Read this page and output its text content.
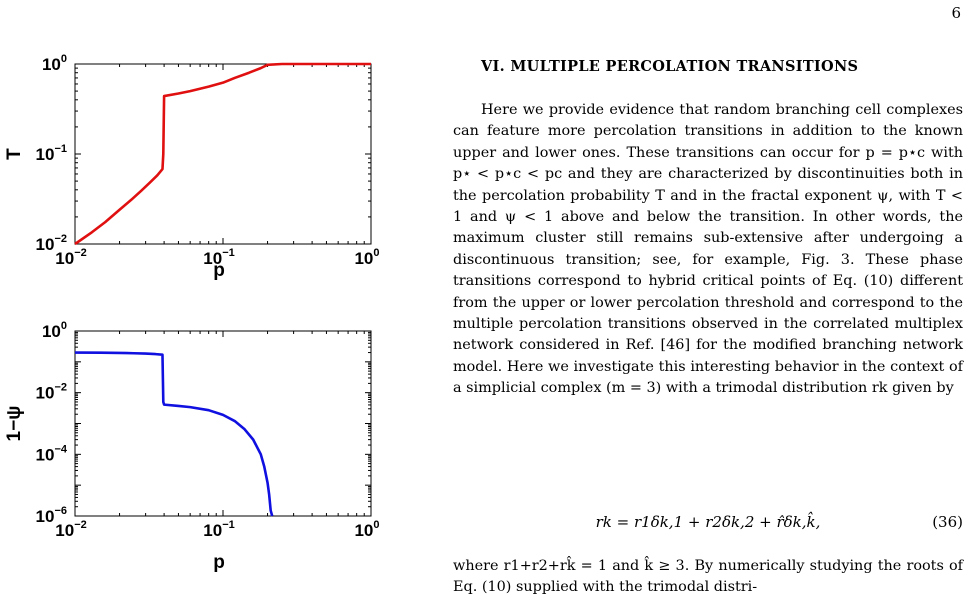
6
$10^{-2}$	$10^{-1}$	$10^0$
$10^{-2}$
$10^{-1}$
$10^0$
p
T
$10^{-2}$	$10^{-1}$	$10^0$
$10^{-6}$
$10^{-4}$
$10^{-2}$
$10^0$
p
1−ψ
VI. MULTIPLE PERCOLATION TRANSITIONS

Here we provide evidence that random branching cell complexes can feature more percolation transitions in addition to the known upper and lower ones. These transitions can occur for p = p⋆c with p⋆ < p⋆c < pc and they are characterized by discontinuities both in the percolation probability T and in the fractal exponent ψ, with T < 1 and ψ < 1 above and below the transition. In other words, the maximum cluster still remains sub-extensive after undergoing a discontinuous transition; see, for example, Fig. 3. These phase transitions correspond to hybrid critical points of Eq. (10) different from the upper or lower percolation threshold and correspond to the multiple percolation transitions observed in the correlated multiplex network considered in Ref. [46] for the modified branching network model. Here we investigate this interesting behavior in the context of a simplicial complex (m = 3) with a trimodal distribution rk given by

rk = r1δk,1 + r2δk,2 + r̂δk,k̂,	(36)

where r1+r2+rk̂ = 1 and k̂ ≥ 3. By numerically studying the roots of Eq. (10) supplied with the trimodal distri-
